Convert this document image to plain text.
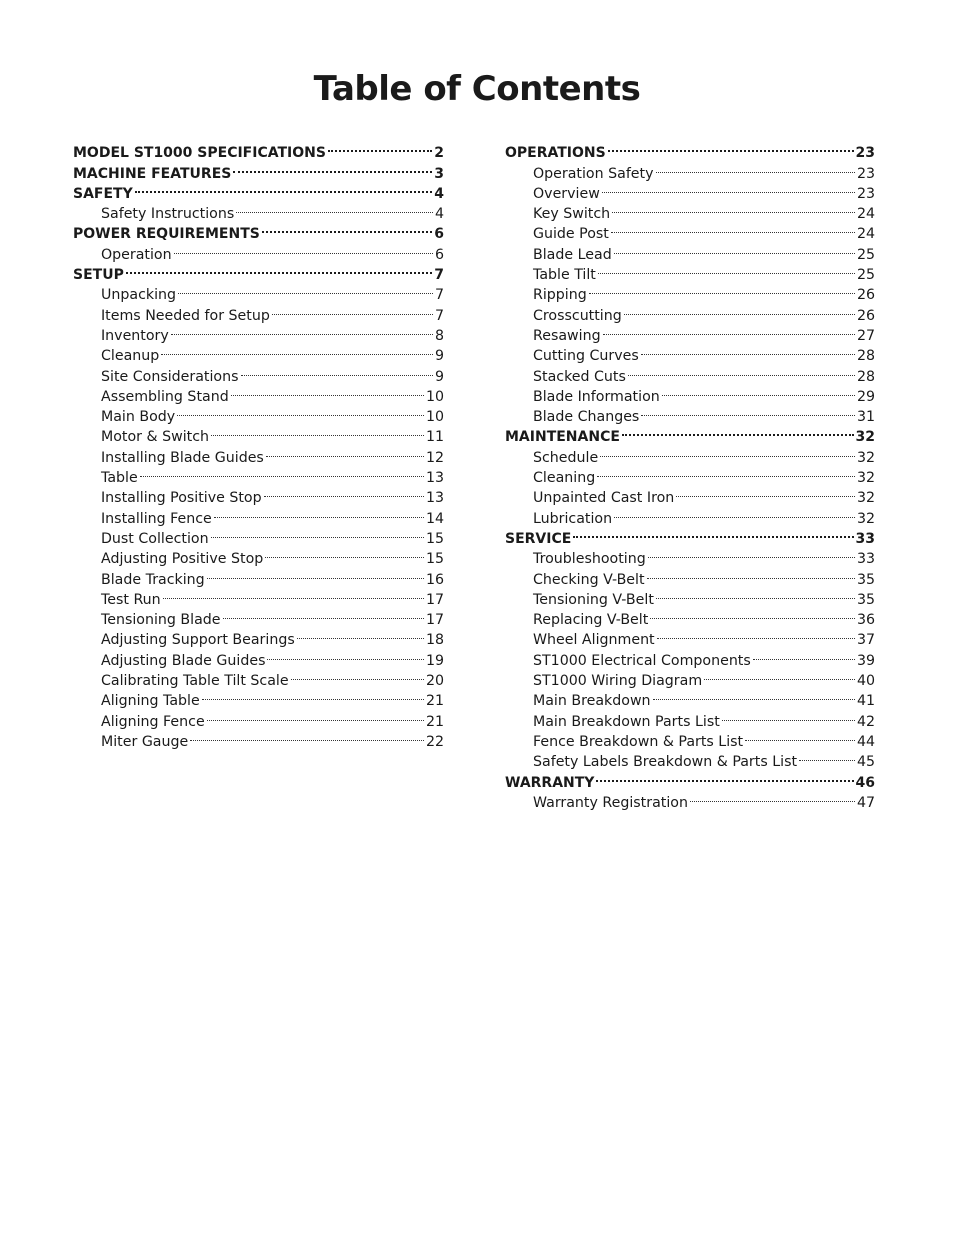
Table of Contents
MODEL ST1000 SPECIFICATIONS	2
MACHINE FEATURES	3
SAFETY	4
Safety Instructions	4
POWER REQUIREMENTS	6
Operation	6
SETUP	7
Unpacking	7
Items Needed for Setup	7
Inventory	8
Cleanup	9
Site Considerations	9
Assembling Stand	10
Main Body	10
Motor & Switch	11
Installing Blade Guides	12
Table	13
Installing Positive Stop	13
Installing Fence	14
Dust Collection	15
Adjusting Positive Stop	15
Blade Tracking	16
Test Run	17
Tensioning Blade	17
Adjusting Support Bearings	18
Adjusting Blade Guides	19
Calibrating Table Tilt Scale	20
Aligning Table	21
Aligning Fence	21
Miter Gauge	22
OPERATIONS	23
Operation Safety	23
Overview	23
Key Switch	24
Guide Post	24
Blade Lead	25
Table Tilt	25
Ripping	26
Crosscutting	26
Resawing	27
Cutting Curves	28
Stacked Cuts	28
Blade Information	29
Blade Changes	31
MAINTENANCE	32
Schedule	32
Cleaning	32
Unpainted Cast Iron	32
Lubrication	32
SERVICE	33
Troubleshooting	33
Checking V-Belt	35
Tensioning V-Belt	35
Replacing V-Belt	36
Wheel Alignment	37
ST1000 Electrical Components	39
ST1000 Wiring Diagram	40
Main Breakdown	41
Main Breakdown Parts List	42
Fence Breakdown & Parts List	44
Safety Labels Breakdown & Parts List	45
WARRANTY	46
Warranty Registration	47
